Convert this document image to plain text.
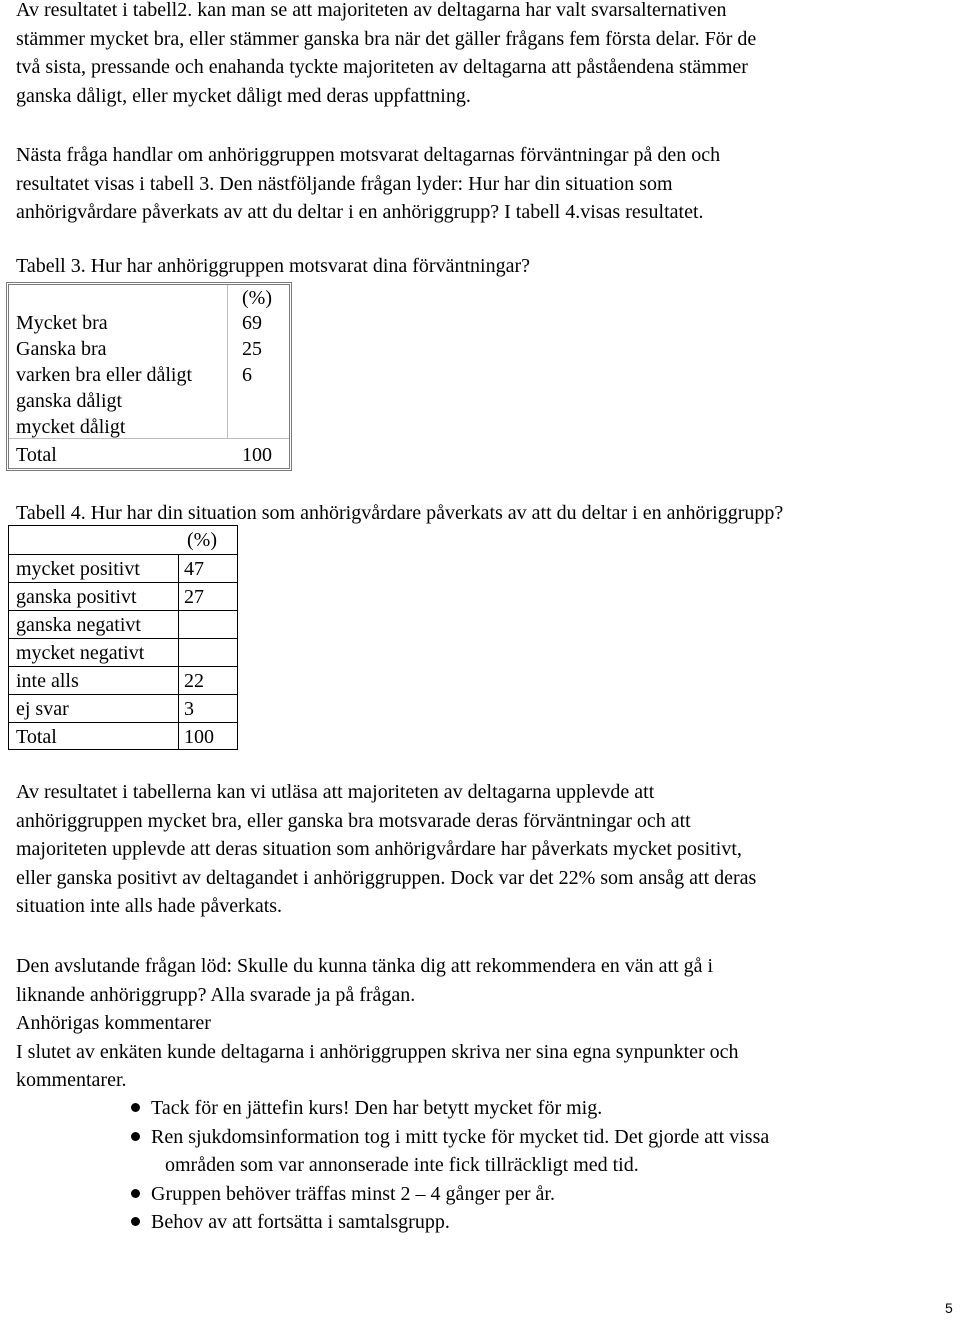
Av resultatet i tabell2. kan man se att majoriteten av deltagarna har valt svarsalternativen
stämmer mycket bra, eller stämmer ganska bra när det gäller frågans fem första delar. För de
två sista, pressande och enahanda tyckte majoriteten av deltagarna att påståendena stämmer
ganska dåligt, eller mycket dåligt med deras uppfattning.

Nästa fråga handlar om anhöriggruppen motsvarat deltagarnas förväntningar på den och
resultatet visas i tabell 3. Den nästföljande frågan lyder: Hur har din situation som
anhörigvårdare påverkats av att du deltar i en anhöriggrupp? I tabell 4.visas resultatet.

Tabell 3. Hur har anhöriggruppen motsvarat dina förväntningar?

(%)
Mycket bra	69
Ganska bra	25
varken bra eller dåligt 6
ganska dåligt
mycket dåligt
Total	100

Tabell 4. Hur har din situation som anhörigvårdare påverkats av att du deltar i en anhöriggrupp?

(%)
mycket positivt 47
ganska positivt 27
ganska negativt
mycket negativt
inte alls	22
ej svar	3
Total	100

Av resultatet i tabellerna kan vi utläsa att majoriteten av deltagarna upplevde att
anhöriggruppen mycket bra, eller ganska bra motsvarade deras förväntningar och att
majoriteten upplevde att deras situation som anhörigvårdare har påverkats mycket positivt,
eller ganska positivt av deltagandet i anhöriggruppen. Dock var det 22% som ansåg att deras
situation inte alls hade påverkats.

Den avslutande frågan löd: Skulle du kunna tänka dig att rekommendera en vän att gå i
liknande anhöriggrupp? Alla svarade ja på frågan.
Anhörigas kommentarer
I slutet av enkäten kunde deltagarna i anhöriggruppen skriva ner sina egna synpunkter och
kommentarer.

Tack för en jättefin kurs! Den har betytt mycket för mig.
Ren sjukdomsinformation tog i mitt tycke för mycket tid. Det gjorde att vissa
områden som var annonserade inte fick tillräckligt med tid.
Gruppen behöver träffas minst 2 – 4 gånger per år.
Behov av att fortsätta i samtalsgrupp.
5
